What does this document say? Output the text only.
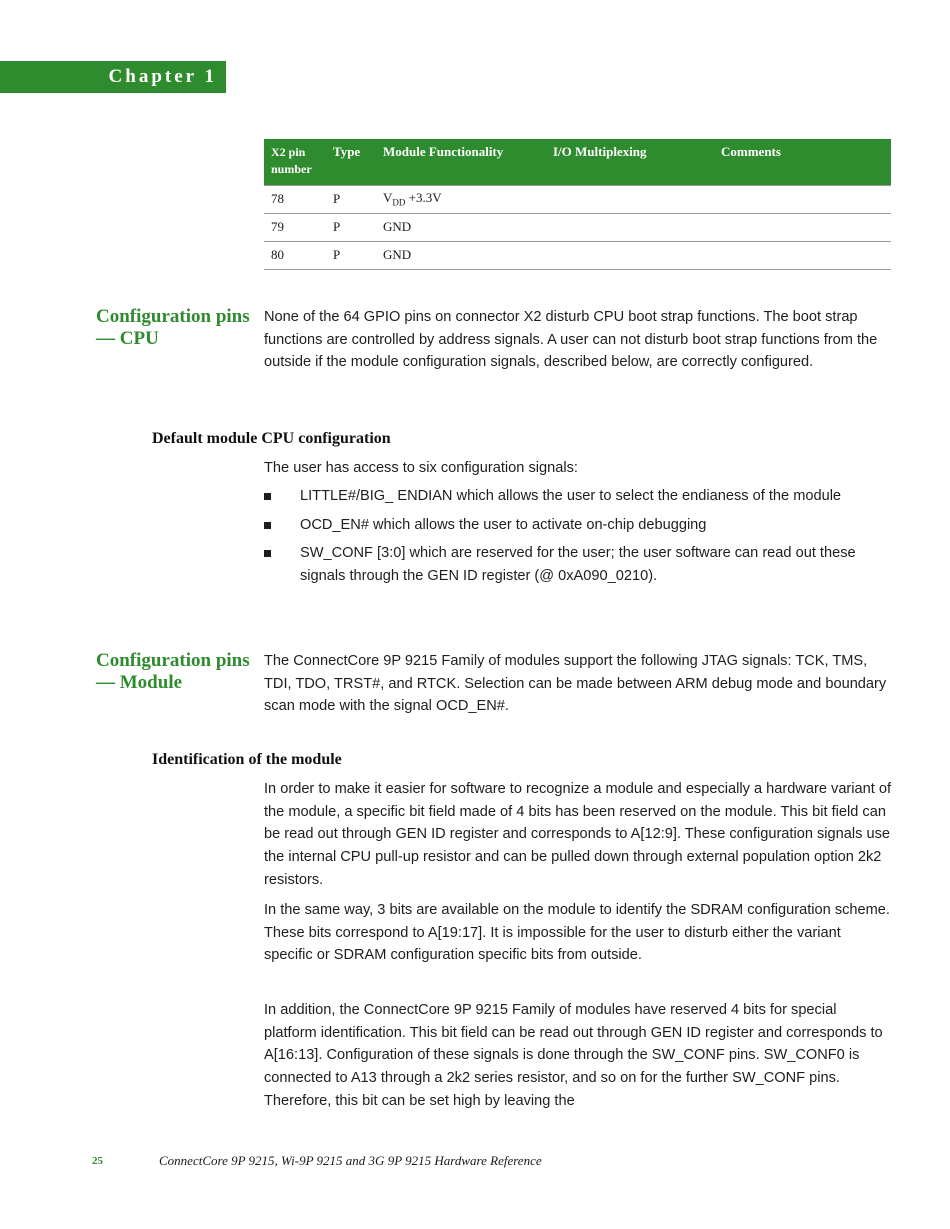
Chapter 1
X2 pin number	Type	Module Functionality	I/O Multiplexing	Comments
78	P	$V_{DD} +3.3V$		
79	P	GND		
80	P	GND		
Configuration pins — CPU

None of the 64 GPIO pins on connector X2 disturb CPU boot strap functions. The boot strap functions are controlled by address signals. A user can not disturb boot strap functions from the outside if the module configuration signals, described below, are correctly configured.

Default module CPU configuration

The user has access to six configuration signals:

LITTLE#/BIG_ ENDIAN which allows the user to select the endianess of the module
OCD_EN# which allows the user to activate on-chip debugging
SW_CONF [3:0] which are reserved for the user; the user software can read out these signals through the GEN ID register (@ 0xA090_0210).
Configuration pins — Module

The ConnectCore 9P 9215 Family of modules support the following JTAG signals: TCK, TMS, TDI, TDO, TRST#, and RTCK. Selection can be made between ARM debug mode and boundary scan mode with the signal OCD_EN#.

Identification of the module

In order to make it easier for software to recognize a module and especially a hardware variant of the module, a specific bit field made of 4 bits has been reserved on the module. This bit field can be read out through GEN ID register and corresponds to A[12:9]. These configuration signals use the internal CPU pull-up resistor and can be pulled down through external population option 2k2 resistors.

In the same way, 3 bits are available on the module to identify the SDRAM configuration scheme. These bits correspond to A[19:17]. It is impossible for the user to disturb either the variant specific or SDRAM configuration specific bits from outside.

In addition, the ConnectCore 9P 9215 Family of modules have reserved 4 bits for special platform identification. This bit field can be read out through GEN ID register and corresponds to A[16:13]. Configuration of these signals is done through the SW_CONF pins. SW_CONF0 is connected to A13 through a 2k2 series resistor, and so on for the further SW_CONF pins. Therefore, this bit can be set high by leaving the

25	ConnectCore 9P 9215, Wi-9P 9215 and 3G 9P 9215 Hardware Reference
